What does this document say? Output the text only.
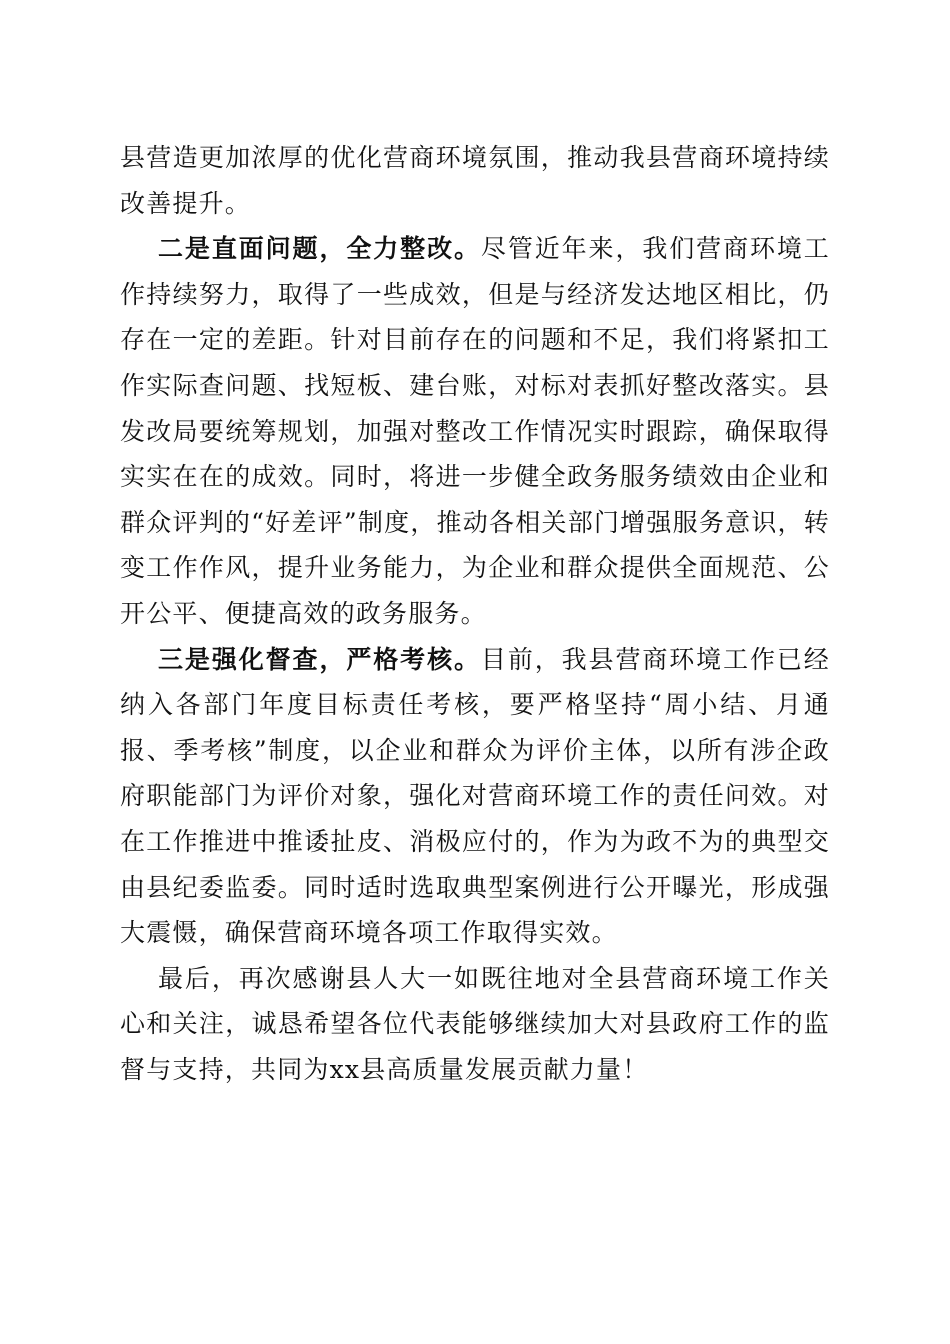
县营造更加浓厚的优化营商环境氛围，推动我县营商环境持续改善提升。

二是直面问题，全力整改。尽管近年来，我们营商环境工作持续努力，取得了一些成效，但是与经济发达地区相比，仍存在一定的差距。针对目前存在的问题和不足，我们将紧扣工作实际查问题、找短板、建台账，对标对表抓好整改落实。县发改局要统筹规划，加强对整改工作情况实时跟踪，确保取得实实在在的成效。同时，将进一步健全政务服务绩效由企业和群众评判的“好差评”制度，推动各相关部门增强服务意识，转变工作作风，提升业务能力，为企业和群众提供全面规范、公开公平、便捷高效的政务服务。

三是强化督查，严格考核。目前，我县营商环境工作已经纳入各部门年度目标责任考核，要严格坚持“周小结、月通报、季考核”制度，以企业和群众为评价主体，以所有涉企政府职能部门为评价对象，强化对营商环境工作的责任问效。对在工作推进中推诿扯皮、消极应付的，作为为政不为的典型交由县纪委监委。同时适时选取典型案例进行公开曝光，形成强大震慑，确保营商环境各项工作取得实效。

最后，再次感谢县人大一如既往地对全县营商环境工作关心和关注，诚恳希望各位代表能够继续加大对县政府工作的监督与支持，共同为xx县高质量发展贡献力量！
